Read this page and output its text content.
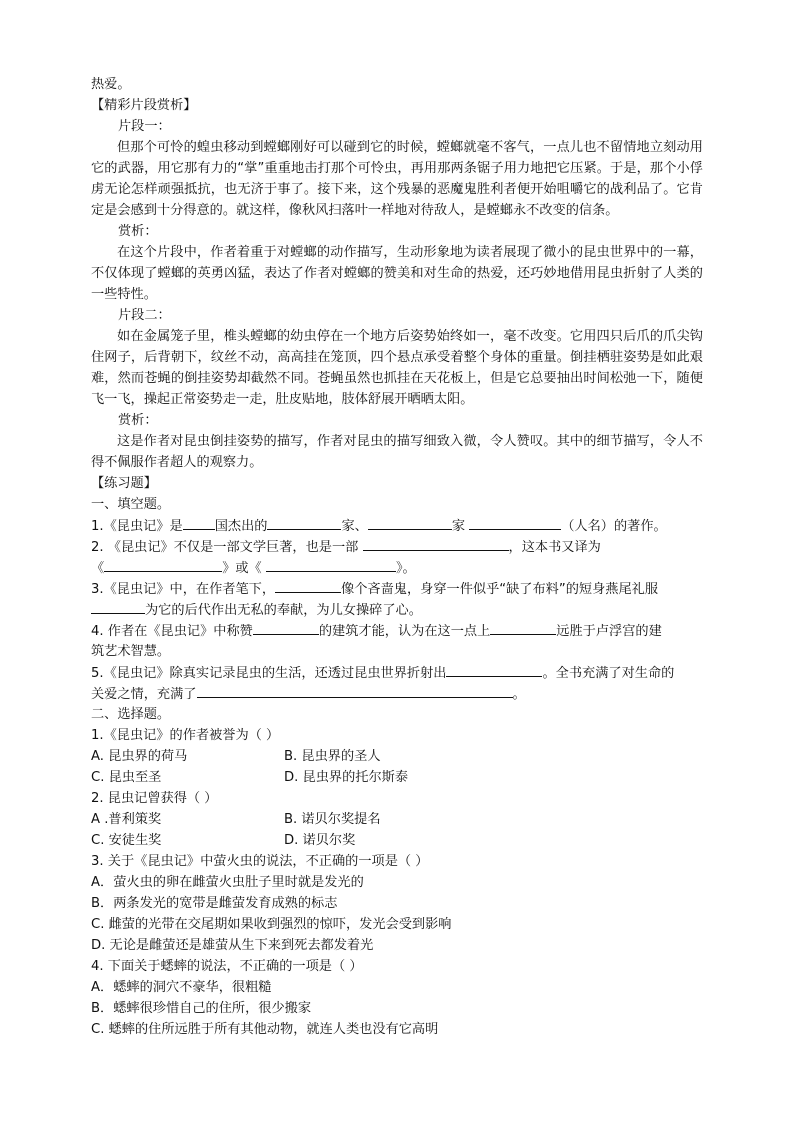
热爱。
【精彩片段赏析】
片段一：
但那个可怜的蝗虫移动到螳螂刚好可以碰到它的时候，螳螂就毫不客气，一点儿也不留情地立刻动用它的武器，用它那有力的“掌”重重地击打那个可怜虫，再用那两条锯子用力地把它压紧。于是，那个小俘虏无论怎样顽强抵抗，也无济于事了。接下来，这个残暴的恶魔鬼胜利者便开始咀嚼它的战利品了。它肯定是会感到十分得意的。就这样，像秋风扫落叶一样地对待敌人，是螳螂永不改变的信条。
赏析：
在这个片段中，作者着重于对螳螂的动作描写，生动形象地为读者展现了微小的昆虫世界中的一幕，不仅体现了螳螂的英勇凶猛，表达了作者对螳螂的赞美和对生命的热爱，还巧妙地借用昆虫折射了人类的一些特性。
片段二：
如在金属笼子里，椎头螳螂的幼虫停在一个地方后姿势始终如一，毫不改变。它用四只后爪的爪尖钩住网子，后背朝下，纹丝不动，高高挂在笼顶，四个悬点承受着整个身体的重量。倒挂栖驻姿势是如此艰难，然而苍蝇的倒挂姿势却截然不同。苍蝇虽然也抓挂在天花板上，但是它总要抽出时间松弛一下，随便飞一飞，操起正常姿势走一走，肚皮贴地，肢体舒展开晒晒太阳。
赏析：
这是作者对昆虫倒挂姿势的描写，作者对昆虫的描写细致入微，令人赞叹。其中的细节描写，令人不得不佩服作者超人的观察力。
【练习题】
一、填空题。
1.《昆虫记》是 国杰出的	家、	家	（人名）的著作。
2. 《昆虫记》不仅是一部文学巨著，也是一部	，这本书又译为
《	》或《	》。
3.《昆虫记》中，在作者笔下，	像个吝啬鬼，身穿一件似乎“缺了布料”的短身燕尾礼服
为它的后代作出无私的奉献，为儿女操碎了心。
4. 作者在《昆虫记》中称赞	的建筑才能，认为在这一点上	远胜于卢浮宫的建
筑艺术智慧。
5.《昆虫记》除真实记录昆虫的生活，还透过昆虫世界折射出	。全书充满了对生命的
关爱之情，充满了	。
二、选择题。
1.《昆虫记》的作者被誉为（ ）
A. 昆虫界的荷马	B. 昆虫界的圣人
C. 昆虫至圣	D. 昆虫界的托尔斯泰
2. 昆虫记曾获得（ ）
A .普利策奖	B. 诺贝尔奖提名
C. 安徒生奖	D. 诺贝尔奖
3. 关于《昆虫记》中萤火虫的说法，不正确的一项是（ ）
A．萤火虫的卵在雌萤火虫肚子里时就是发光的
B．两条发光的宽带是雌萤发育成熟的标志
C. 雌萤的光带在交尾期如果收到强烈的惊吓，发光会受到影响
D. 无论是雌萤还是雄萤从生下来到死去都发着光
4. 下面关于蟋蟀的说法，不正确的一项是（ ）
A．蟋蟀的洞穴不豪华，很粗糙
B．蟋蟀很珍惜自己的住所，很少搬家
C. 蟋蟀的住所远胜于所有其他动物，就连人类也没有它高明
